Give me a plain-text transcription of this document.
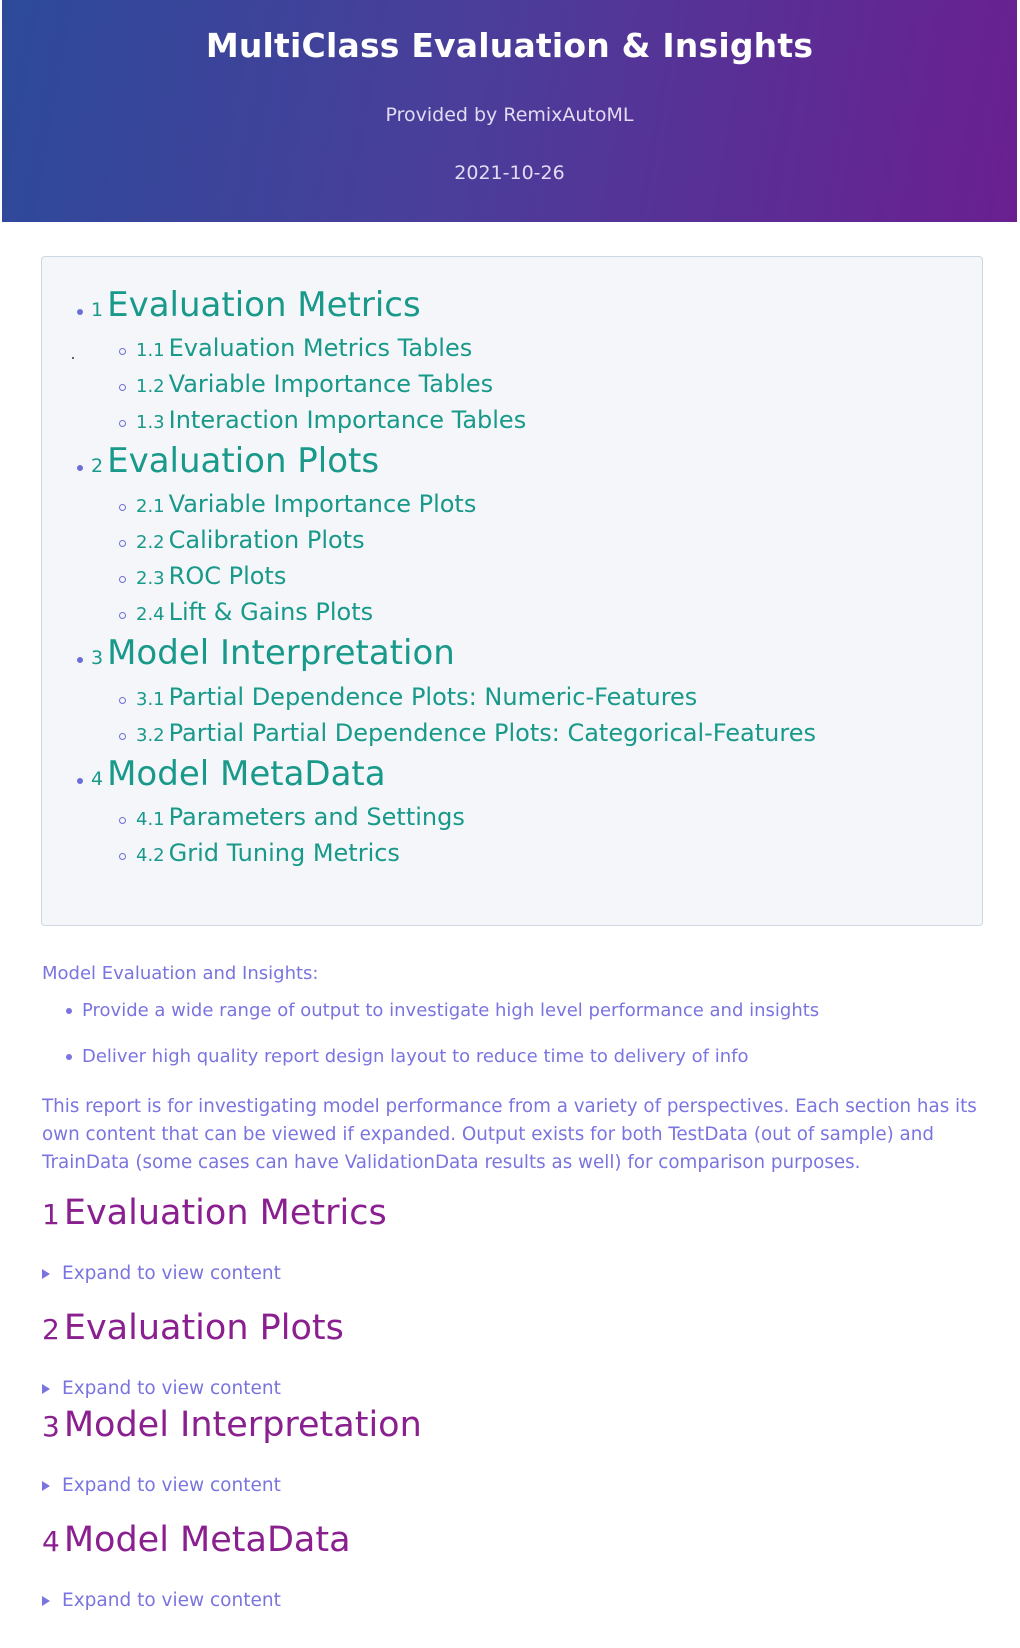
MultiClass Evaluation & Insights
Provided by RemixAutoML
2021-10-26
1 Evaluation Metrics
1.1 Evaluation Metrics Tables
1.2 Variable Importance Tables
1.3 Interaction Importance Tables
2 Evaluation Plots
2.1 Variable Importance Plots
2.2 Calibration Plots
2.3 ROC Plots
2.4 Lift & Gains Plots
3 Model Interpretation
3.1 Partial Dependence Plots: Numeric-Features
3.2 Partial Partial Dependence Plots: Categorical-Features
4 Model MetaData
4.1 Parameters and Settings
4.2 Grid Tuning Metrics
Model Evaluation and Insights:
Provide a wide range of output to investigate high level performance and insights
Deliver high quality report design layout to reduce time to delivery of info
This report is for investigating model performance from a variety of perspectives. Each section has its own content that can be viewed if expanded. Output exists for both TestData (out of sample) and TrainData (some cases can have ValidationData results as well) for comparison purposes.
1 Evaluation Metrics
Expand to view content
2 Evaluation Plots
Expand to view content
3 Model Interpretation
Expand to view content
4 Model MetaData
Expand to view content
